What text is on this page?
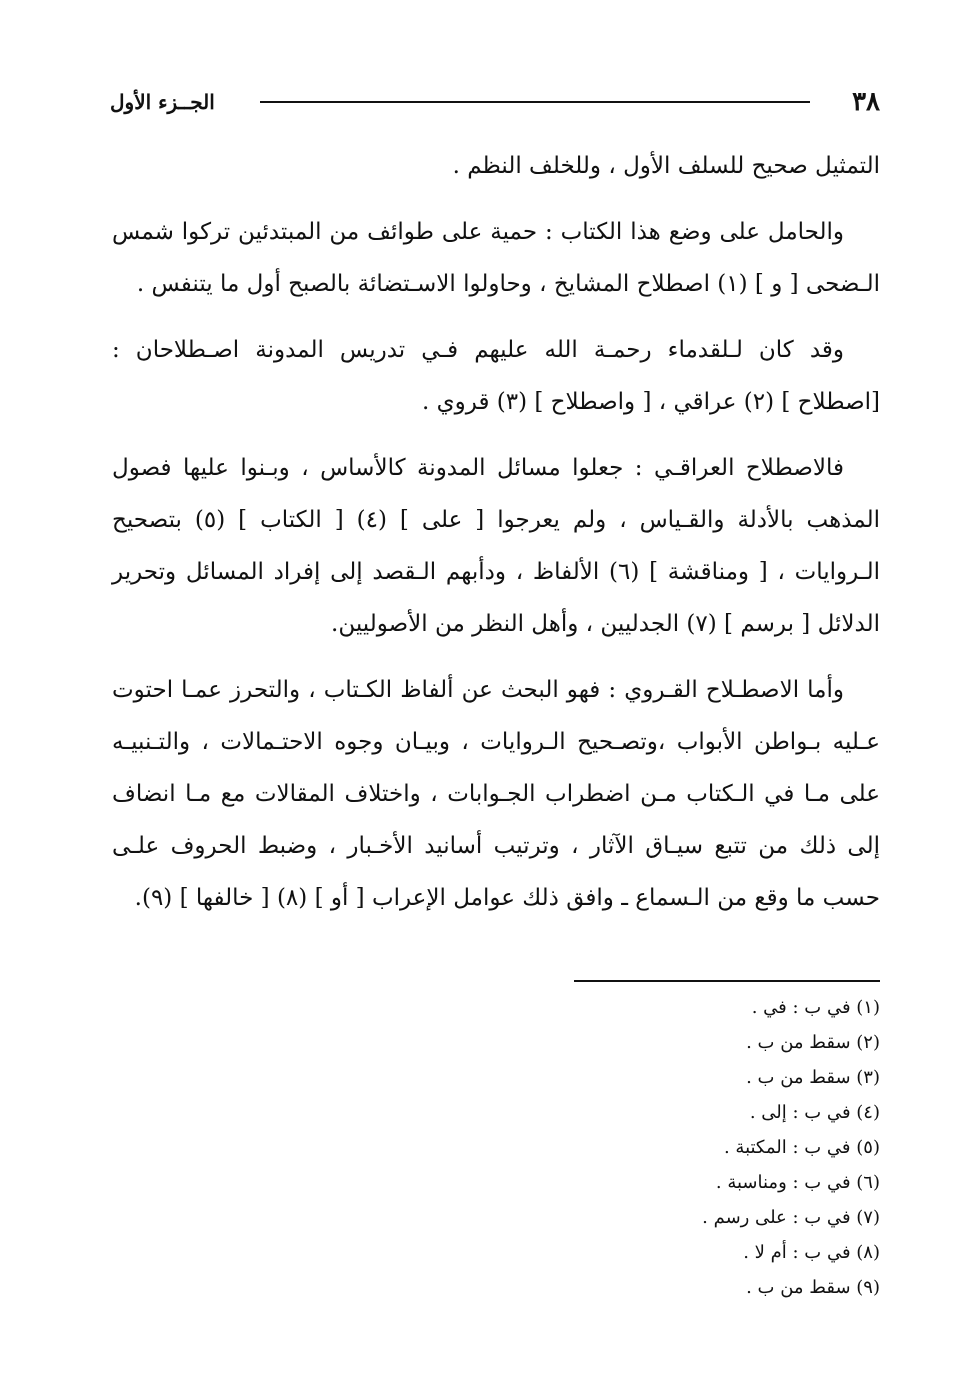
٣٨
الجــزء الأول

التمثيل صحيح للسلف الأول ، وللخلف النظم .

والحامل على وضع هذا الكتاب : حمية على طوائف من المبتدئين تركوا شمس الـضحى [ و ] (١) اصطلاح المشايخ ، وحاولوا الاسـتضائة بالصبح أول ما يتنفس .

وقد كان لـلقدماء رحمـة الله عليهم فـي تدريس المدونة اصـطلاحان : [اصطلاح ] (٢) عراقي ، [ واصطلاح ] (٣) قروي .

فالاصطلاح العراقـي : جعلوا مسائل المدونة كالأساس ، وبـنوا عليها فصول المذهب بالأدلة والقـياس ، ولم يعرجوا [ على ] (٤) [ الكتاب ] (٥) بتصحيح الـروايات ، [ ومناقشة ] (٦) الألفاظ ، ودأبهم الـقصد إلى إفراد المسائل وتحرير الدلائل [ برسم ] (٧) الجدليين ، وأهل النظر من الأصوليين.

وأما الاصطـلاح القـروي : فهو البحث عن ألفاظ الكـتاب ، والتحرز عمـا احتوت عـليه بـواطن الأبواب ،وتصـحيح الـروايات ، وبيـان وجوه الاحتـمالات ، والتـنبيـه على مـا في الـكتاب مـن اضطراب الجـوابات ، واختلاف المقالات مع مـا انضاف إلى ذلك من تتبع سيـاق الآثار ، وترتيب أسانيد الأخـبار ، وضبط الحروف علـى حسب ما وقع من الـسماع ـ وافق ذلك عوامل الإعراب [ أو ] (٨) [ خالفها ] (٩).

(١) في ب : في .
(٢) سقط من ب .
(٣) سقط من ب .
(٤) في ب : إلى .
(٥) في ب : المكتبة .
(٦) في ب : ومناسبة .
(٧) في ب : على رسم .
(٨) في ب : أم لا .
(٩) سقط من ب .
